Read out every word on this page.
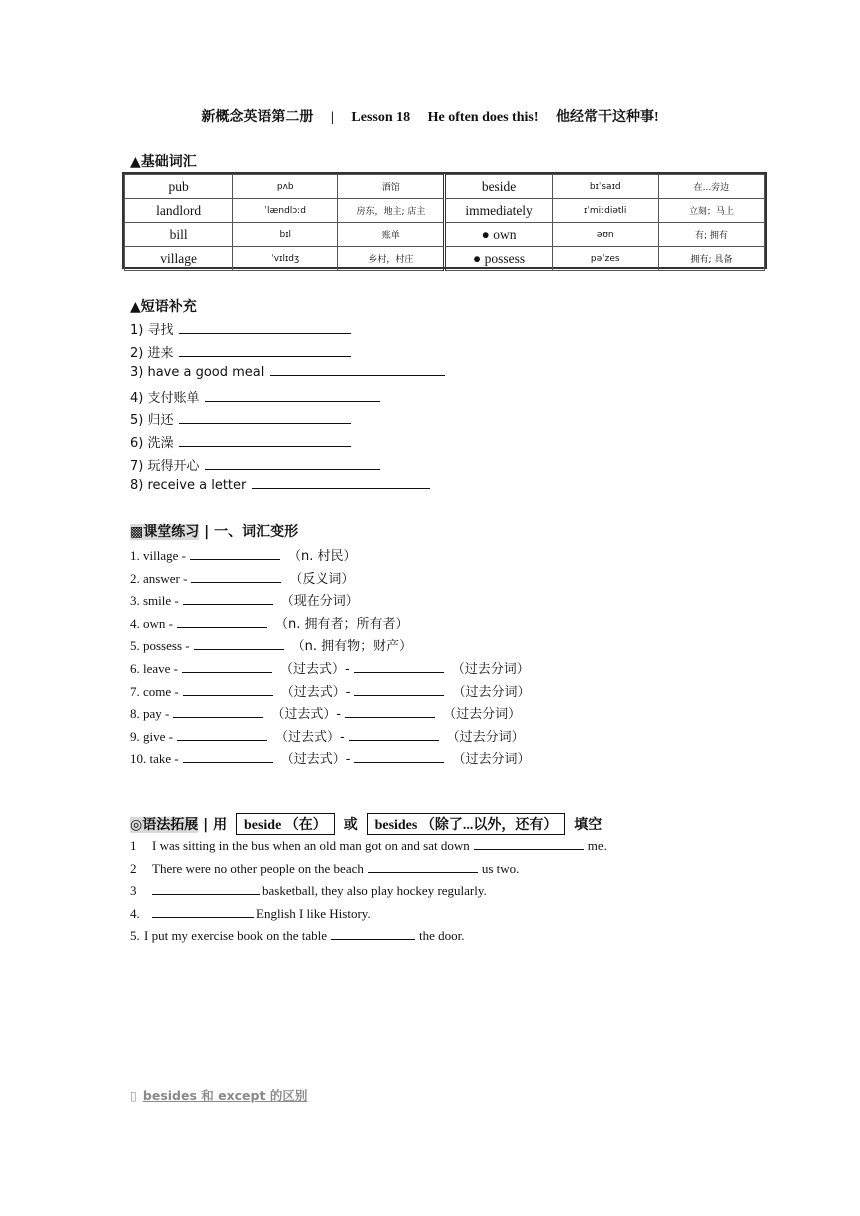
新概念英语第二册 | Lesson 18 He often does this! 他经常干这种事!
▲基础词汇
pub	pʌb	酒馆	beside	bɪˈsaɪd	在...旁边
landlord	ˈlændlɔːd	房东，地主; 店主	immediately	ɪˈmiːdiətli	立刻；马上
bill	bɪl	账单	● own	əʊn	有; 拥有
village	ˈvɪlɪdʒ	乡村，村庄	● possess	pəˈzes	拥有; 具备
▲短语补充
1) 寻找
2) 进来
3) have a good meal
4) 支付账单
5) 归还
6) 洗澡
7) 玩得开心
8) receive a letter
▩课堂练习 | 一、词汇变形
1. village -	（n. 村民）
2. answer -	（反义词）
3. smile -	（现在分词）
4. own -	（n. 拥有者；所有者）
5. possess -	（n. 拥有物；财产）
6. leave -	（过去式）-	（过去分词）
7. come -	（过去式）-	（过去分词）
8. pay -	（过去式）-	（过去分词）
9. give -	（过去式）-	（过去分词）
10. take -	（过去式）-	（过去分词）
◎语法拓展 | 用 beside （在） 或 besides （除了...以外，还有） 填空
1 I was sitting in the bus when an old man got on and sat down	me.
2 There were no other people on the beach	us two.
3	basketball, they also play hockey regularly.
4.	English I like History.
5. I put my exercise book on the table	the door.
▯ besides 和 except 的区别
